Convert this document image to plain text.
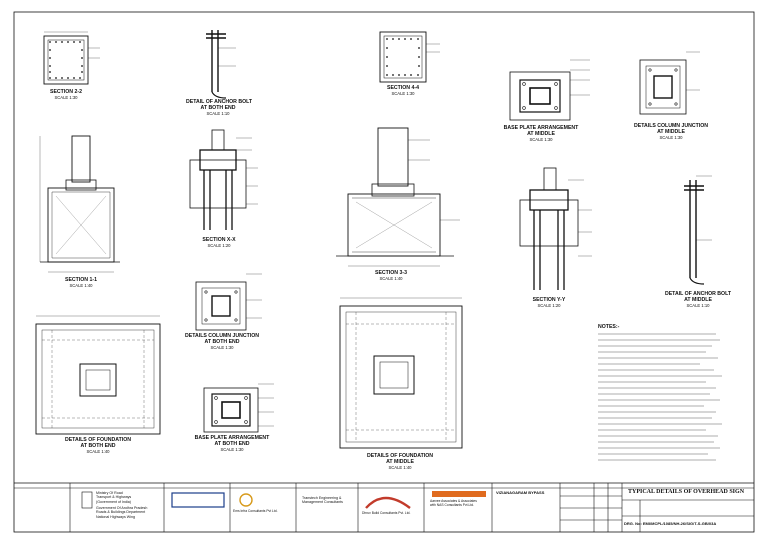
SECTION 2-2
SCALE 1:30
DETAIL OF ANCHOR BOLT
AT BOTH END
SCALE 1:10
SECTION 4-4
SCALE 1:30
BASE PLATE ARRANGEMENT
AT MIDDLE
SCALE 1:30
DETAILS COLUMN JUNCTION
AT MIDDLE
SCALE 1:30
SECTION 1-1
SCALE 1:40
SECTION X-X
SCALE 1:20
SECTION 3-3
SCALE 1:40
SECTION Y-Y
SCALE 1:20
DETAIL OF ANCHOR BOLT
AT MIDDLE
SCALE 1:10
DETAILS COLUMN JUNCTION
AT BOTH END
SCALE 1:30
DETAILS OF FOUNDATION
AT BOTH END
SCALE 1:40
BASE PLATE ARRANGEMENT
AT BOTH END
SCALE 1:30
DETAILS OF FOUNDATION
AT MIDDLE
SCALE 1:40
NOTES:-
Ministry Of Road
Transport & Highways
(Government of India)
Government Of Andhra Pradesh
Roads & Buildings Department
National Highways Wing
Ems Infra Consultants Pvt Ltd.
Transtech Engineering &
Management Consultants
Dhruv Build Consultants Pvt. Ltd.
Aarvee Associates & Associates
with NAS Consultants Pvt.Ltd.
VIZIANAGARAM BYPASS	TYPICAL DETAILS OF OVERHEAD SIGN
DRG. No: EMI/MCPL/1085/NH-26/SIG/T-S-GB/03A
